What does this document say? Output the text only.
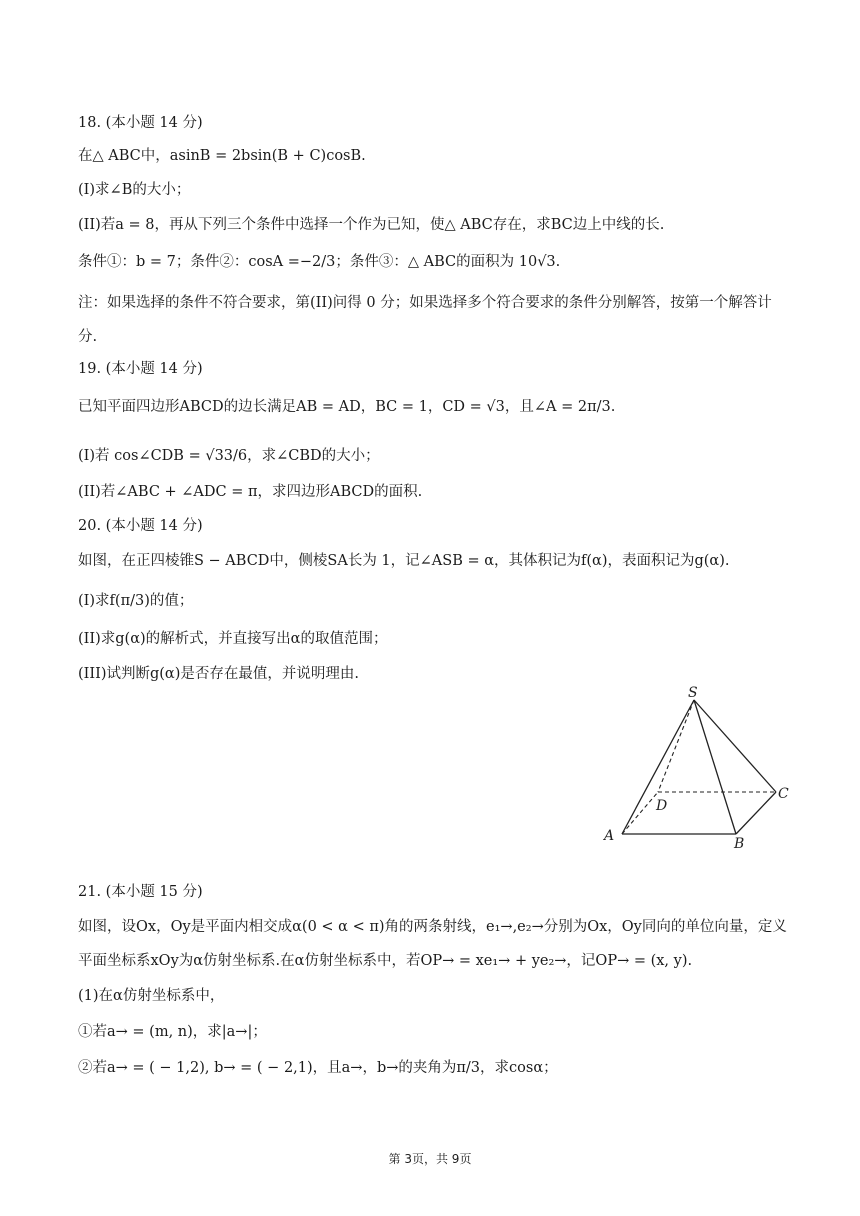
18. (本小题 14 分)
在△ ABC中，asinB = 2bsin(B + C)cosB.
(I)求∠B的大小；
(II)若a = 8，再从下列三个条件中选择一个作为已知，使△ ABC存在，求BC边上中线的长.
条件①：b = 7；条件②：cosA =−2/3；条件③：△ ABC的面积为 10√3.
注：如果选择的条件不符合要求，第(II)问得 0 分；如果选择多个符合要求的条件分别解答，按第一个解答计分.
19. (本小题 14 分)
已知平面四边形ABCD的边长满足AB = AD，BC = 1，CD = √3，且∠A = 2π/3.
(I)若 cos∠CDB = √33/6，求∠CBD的大小；
(II)若∠ABC + ∠ADC = π，求四边形ABCD的面积.
20. (本小题 14 分)
如图，在正四棱锥S − ABCD中，侧棱SA长为 1，记∠ASB = α，其体积记为f(α)，表面积记为g(α).
(I)求f(π/3)的值；
(II)求g(α)的解析式，并直接写出α的取值范围；
(III)试判断g(α)是否存在最值，并说明理由.
S
A	B
C
D
21. (本小题 15 分)
如图，设Ox，Oy是平面内相交成α(0 < α < π)角的两条射线，e₁→,e₂→分别为Ox，Oy同向的单位向量，定义平面坐标系xOy为α仿射坐标系.在α仿射坐标系中，若OP→ = xe₁→ + ye₂→，记OP→ = (x, y).
(1)在α仿射坐标系中，
①若a→ = (m, n)，求|a→|；
②若a→ = ( − 1,2), b→ = ( − 2,1)，且a→，b→的夹角为π/3，求cosα；
第 3页，共 9页
